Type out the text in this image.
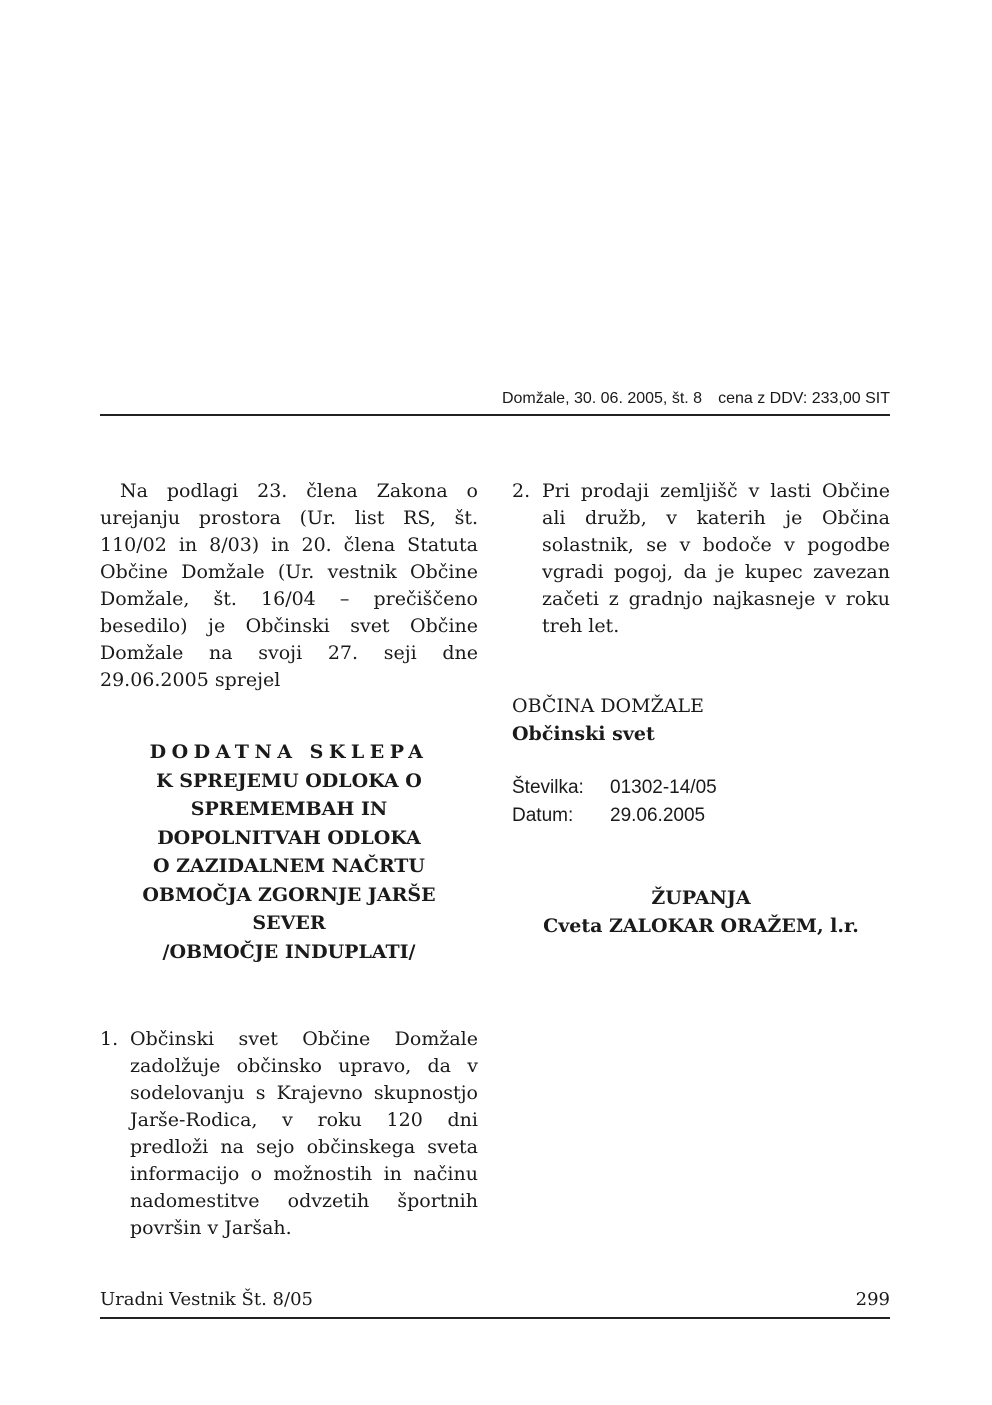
Domžale, 30. 06. 2005, št. 8 cena z DDV: 233,00 SIT

Na podlagi 23. člena Zakona o urejanju prostora (Ur. list RS, št. 110/02 in 8/03) in 20. člena Statuta Občine Domžale (Ur. vestnik Občine Domžale, št. 16/04 – prečiščeno besedilo) je Občinski svet Občine Domžale na svoji 27. seji dne 29.06.2005 sprejel

DODATNA SKLEPA
K SPREJEMU ODLOKA O
SPREMEMBAH IN
DOPOLNITVAH ODLOKA
O ZAZIDALNEM NAČRTU
OBMOČJA ZGORNJE JARŠE
SEVER
/OBMOČJE INDUPLATI/
1. Občinski svet Občine Domžale zadolžuje občinsko upravo, da v sodelovanju s Krajevno skupnostjo Jarše-Rodica, v roku 120 dni predloži na sejo občinskega sveta informacijo o možnostih in načinu nadomestitve odvzetih športnih površin v Jaršah.
2. Pri prodaji zemljišč v lasti Občine ali družb, v katerih je Občina solastnik, se v bodoče v pogodbe vgradi pogoj, da je kupec zavezan začeti z gradnjo najkasneje v roku treh let.
OBČINA DOMŽALE
Občinski svet
Številka: 01302-14/05
Datum: 29.06.2005
ŽUPANJA
Cveta ZALOKAR ORAŽEM, l.r.
Uradni Vestnik Št. 8/05	299
